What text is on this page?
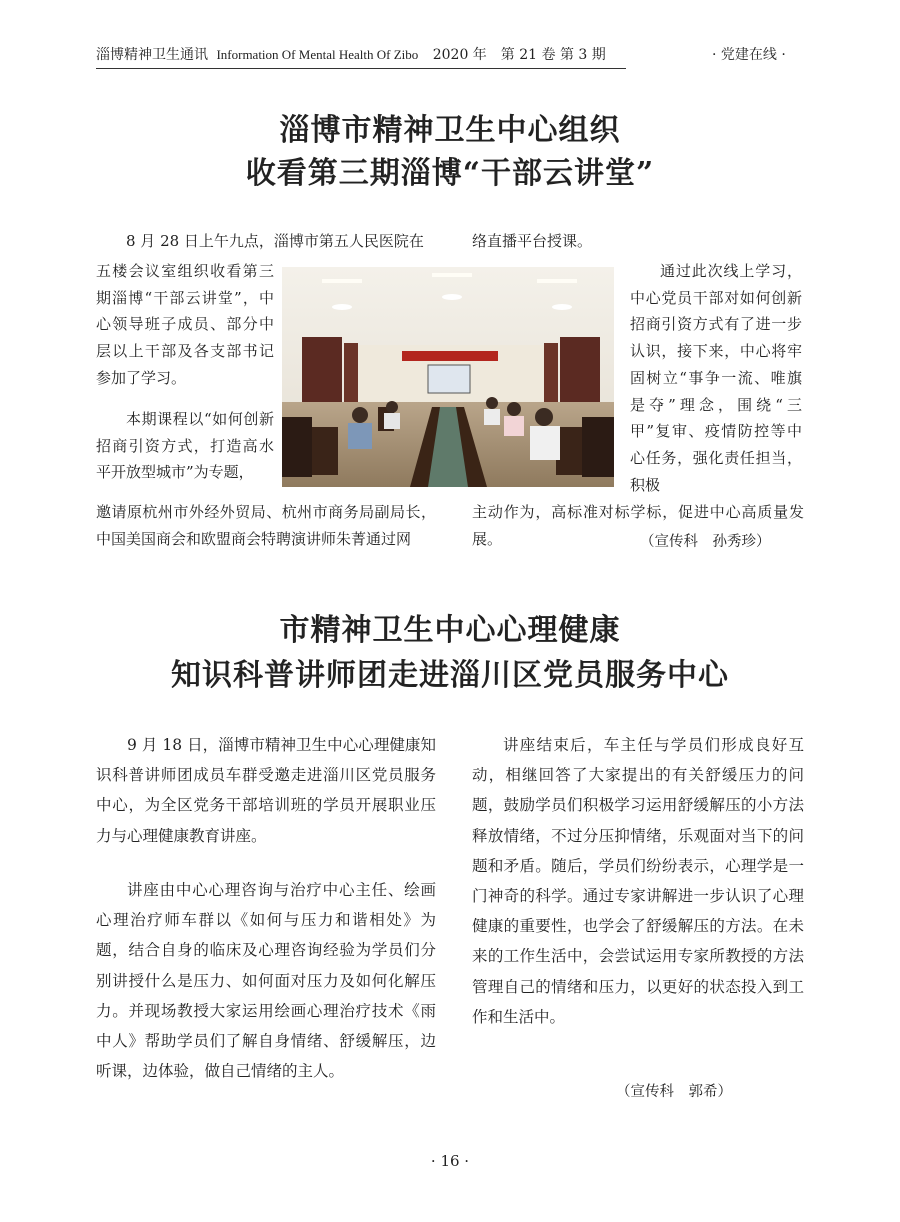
淄博精神卫生通讯 Information Of Mental Health Of Zibo 2020 年　第 21 卷 第 3 期	· 党建在线 ·
淄博市精神卫生中心组织
收看第三期淄博“干部云讲堂”

8 月 28 日上午九点，淄博市第五人民医院在

五楼会议室组织收看第三期淄博“干部云讲堂”，中心领导班子成员、部分中层以上干部及各支部书记参加了学习。

本期课程以“如何创新招商引资方式，打造高水平开放型城市”为专题，

邀请原杭州市外经外贸局、杭州市商务局副局长，中国美国商会和欧盟商会特聘演讲师朱菁通过网

络直播平台授课。

通过此次线上学习，中心党员干部对如何创新招商引资方式有了进一步认识，接下来，中心将牢固树立“事争一流、唯旗是夺”理念，围绕“三甲”复审、疫情防控等中心任务，强化责任担当，积极

主动作为，高标准对标学标，促进中心高质量发展。	（宣传科　孙秀珍）
市精神卫生中心心理健康
知识科普讲师团走进淄川区党员服务中心

9 月 18 日，淄博市精神卫生中心心理健康知识科普讲师团成员车群受邀走进淄川区党员服务中心，为全区党务干部培训班的学员开展职业压力与心理健康教育讲座。

讲座由中心心理咨询与治疗中心主任、绘画心理治疗师车群以《如何与压力和谐相处》为题，结合自身的临床及心理咨询经验为学员们分别讲授什么是压力、如何面对压力及如何化解压力。并现场教授大家运用绘画心理治疗技术《雨中人》帮助学员们了解自身情绪、舒缓解压，边听课，边体验，做自己情绪的主人。

讲座结束后，车主任与学员们形成良好互动，相继回答了大家提出的有关舒缓压力的问题，鼓励学员们积极学习运用舒缓解压的小方法释放情绪，不过分压抑情绪，乐观面对当下的问题和矛盾。随后，学员们纷纷表示，心理学是一门神奇的科学。通过专家讲解进一步认识了心理健康的重要性，也学会了舒缓解压的方法。在未来的工作生活中，会尝试运用专家所教授的方法管理自己的情绪和压力，以更好的状态投入到工作和生活中。

（宣传科　郭希）
· 16 ·
